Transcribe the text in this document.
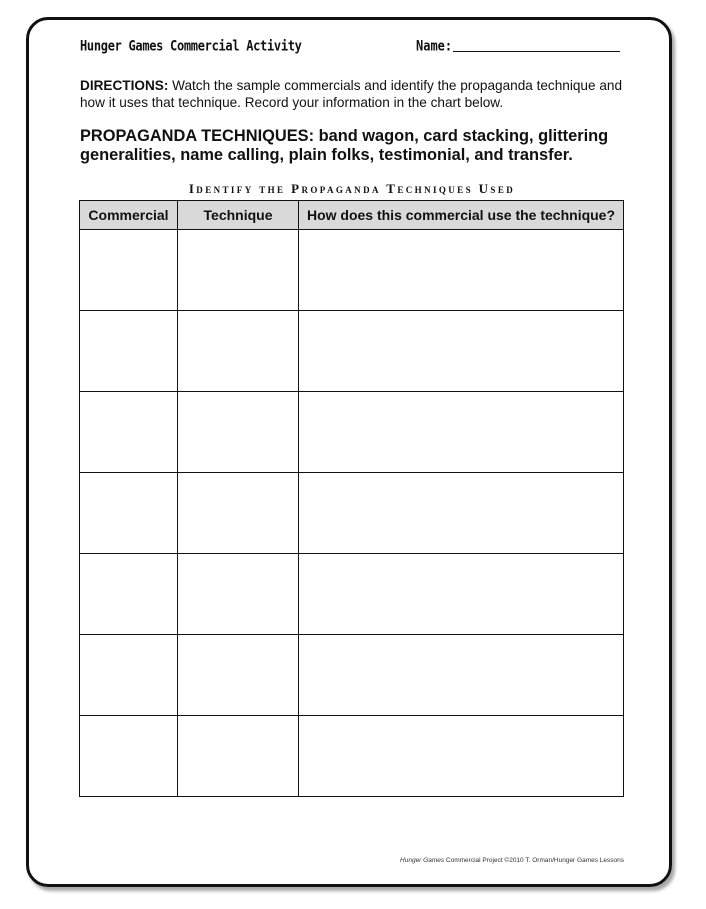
Hunger Games Commercial Activity	Name:
DIRECTIONS: Watch the sample commercials and identify the propaganda technique and how it uses that technique. Record your information in the chart below.
PROPAGANDA TECHNIQUES: band wagon, card stacking, glittering generalities, name calling, plain folks, testimonial, and transfer.
Identify the Propaganda Techniques Used
Commercial	Technique	How does this commercial use the technique?

Hunger Games Commercial Project ©2010 T. Orman/Hunger Games Lessons
